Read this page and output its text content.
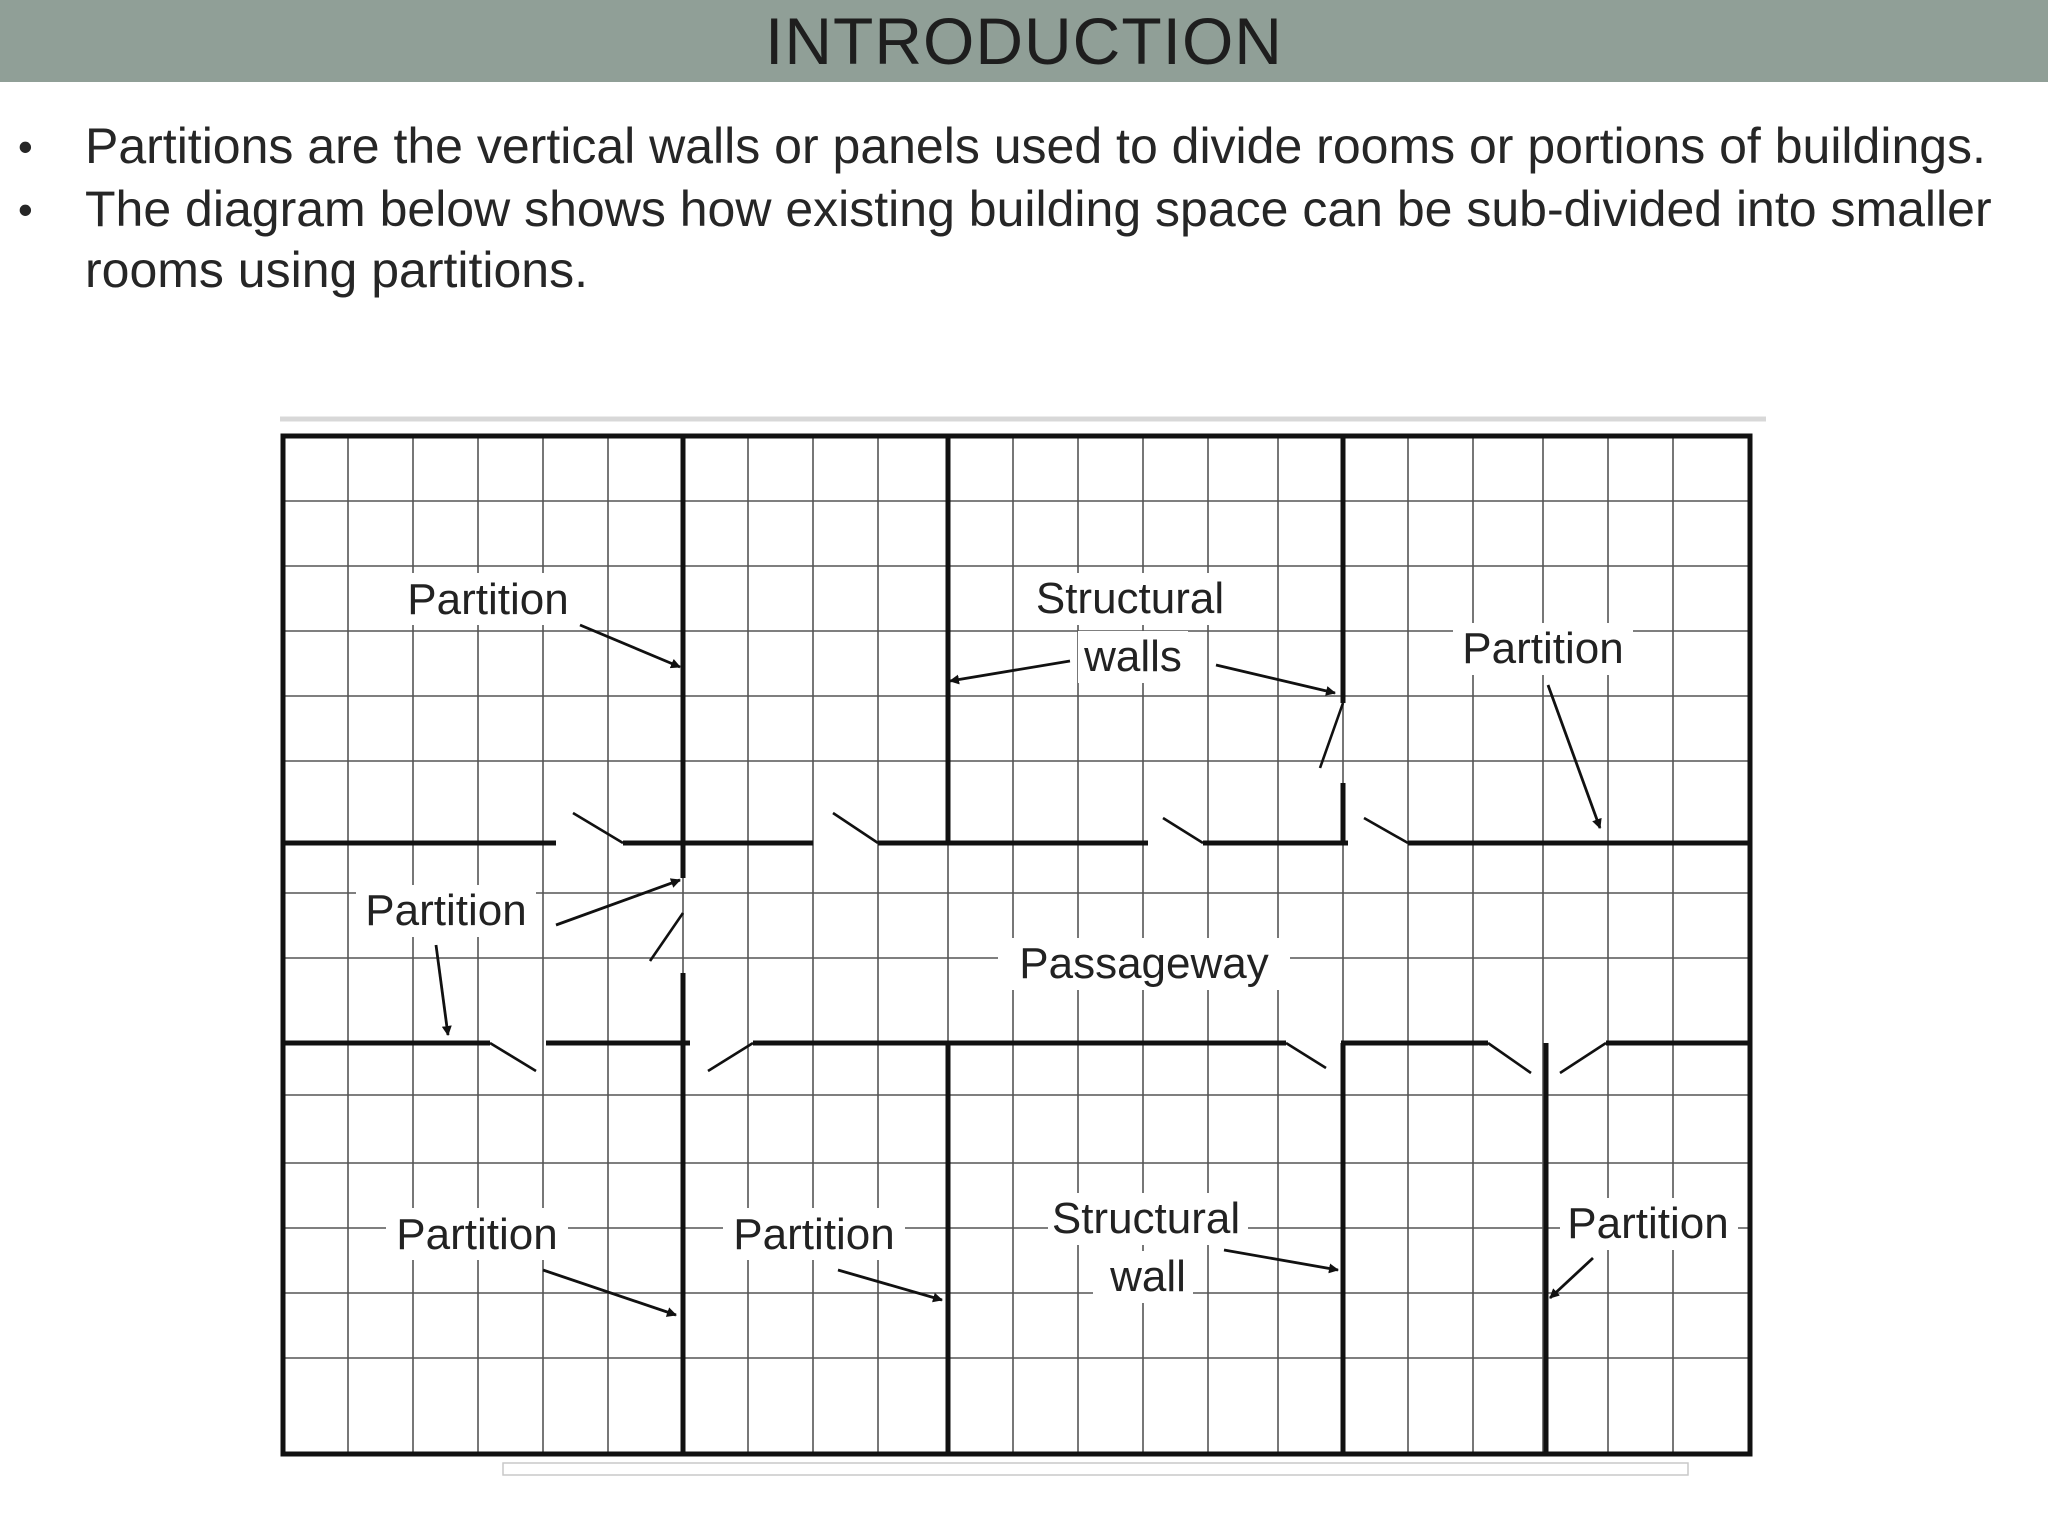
INTRODUCTION
• Partitions are the vertical walls or panels used to divide rooms or portions of buildings.
• The diagram below shows how existing building space can be sub-divided into smaller rooms using partitions.
Partition	Structural
walls	Partition
Partition
Passageway
Partition	Partition	Structural
wall
Partition
